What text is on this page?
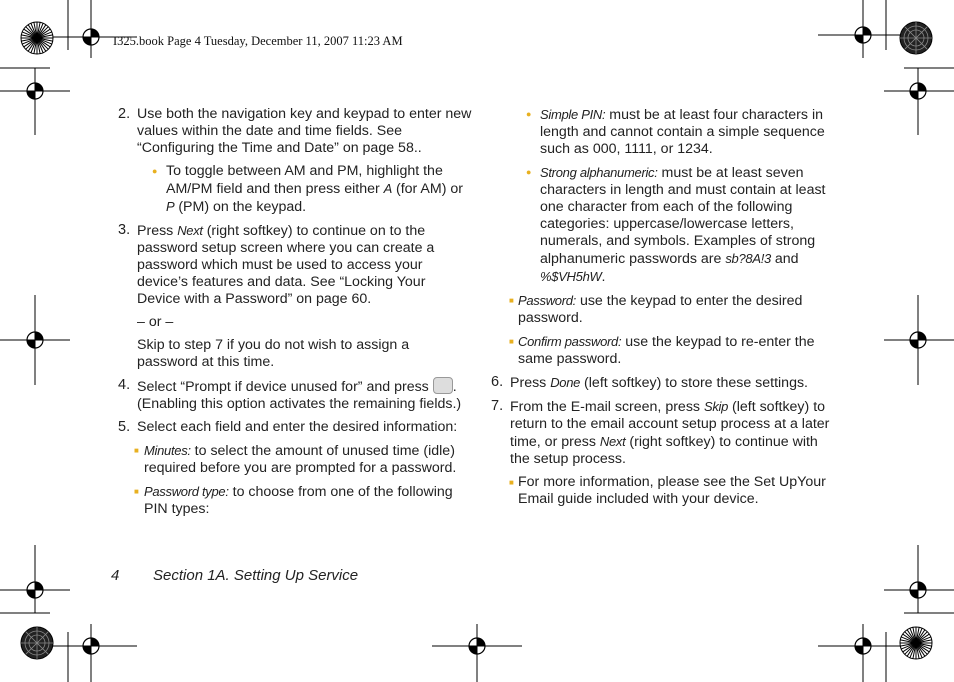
I325.book Page 4 Tuesday, December 11, 2007 11:23 AM
2. Use both the navigation key and keypad to enter new values within the date and time fields. See “Configuring the Time and Date” on page 58..
● To toggle between AM and PM, highlight the AM/PM field and then press either A (for AM) or P (PM) on the keypad.
3. Press Next (right softkey) to continue on to the password setup screen where you can create a password which must be used to access your device’s features and data. See “Locking Your Device with a Password” on page 60.
– or –
Skip to step 7 if you do not wish to assign a password at this time.
4. Select “Prompt if device unused for” and press . (Enabling this option activates the remaining fields.)
5. Select each field and enter the desired information:
■ Minutes: to select the amount of unused time (idle) required before you are prompted for a password.
■ Password type: to choose from one of the following PIN types:
● Simple PIN: must be at least four characters in length and cannot contain a simple sequence such as 000, 1111, or 1234.
● Strong alphanumeric: must be at least seven characters in length and must contain at least one character from each of the following categories: uppercase/lowercase letters, numerals, and symbols. Examples of strong alphanumeric passwords are sb?8A!3 and %$VH5hW.
■ Password: use the keypad to enter the desired password.
■ Confirm password: use the keypad to re-enter the same password.
6. Press Done (left softkey) to store these settings.
7. From the E-mail screen, press Skip (left softkey) to return to the email account setup process at a later time, or press Next (right softkey) to continue with the setup process.
■ For more information, please see the Set UpYour Email guide included with your device.
4 Section 1A. Setting Up Service
